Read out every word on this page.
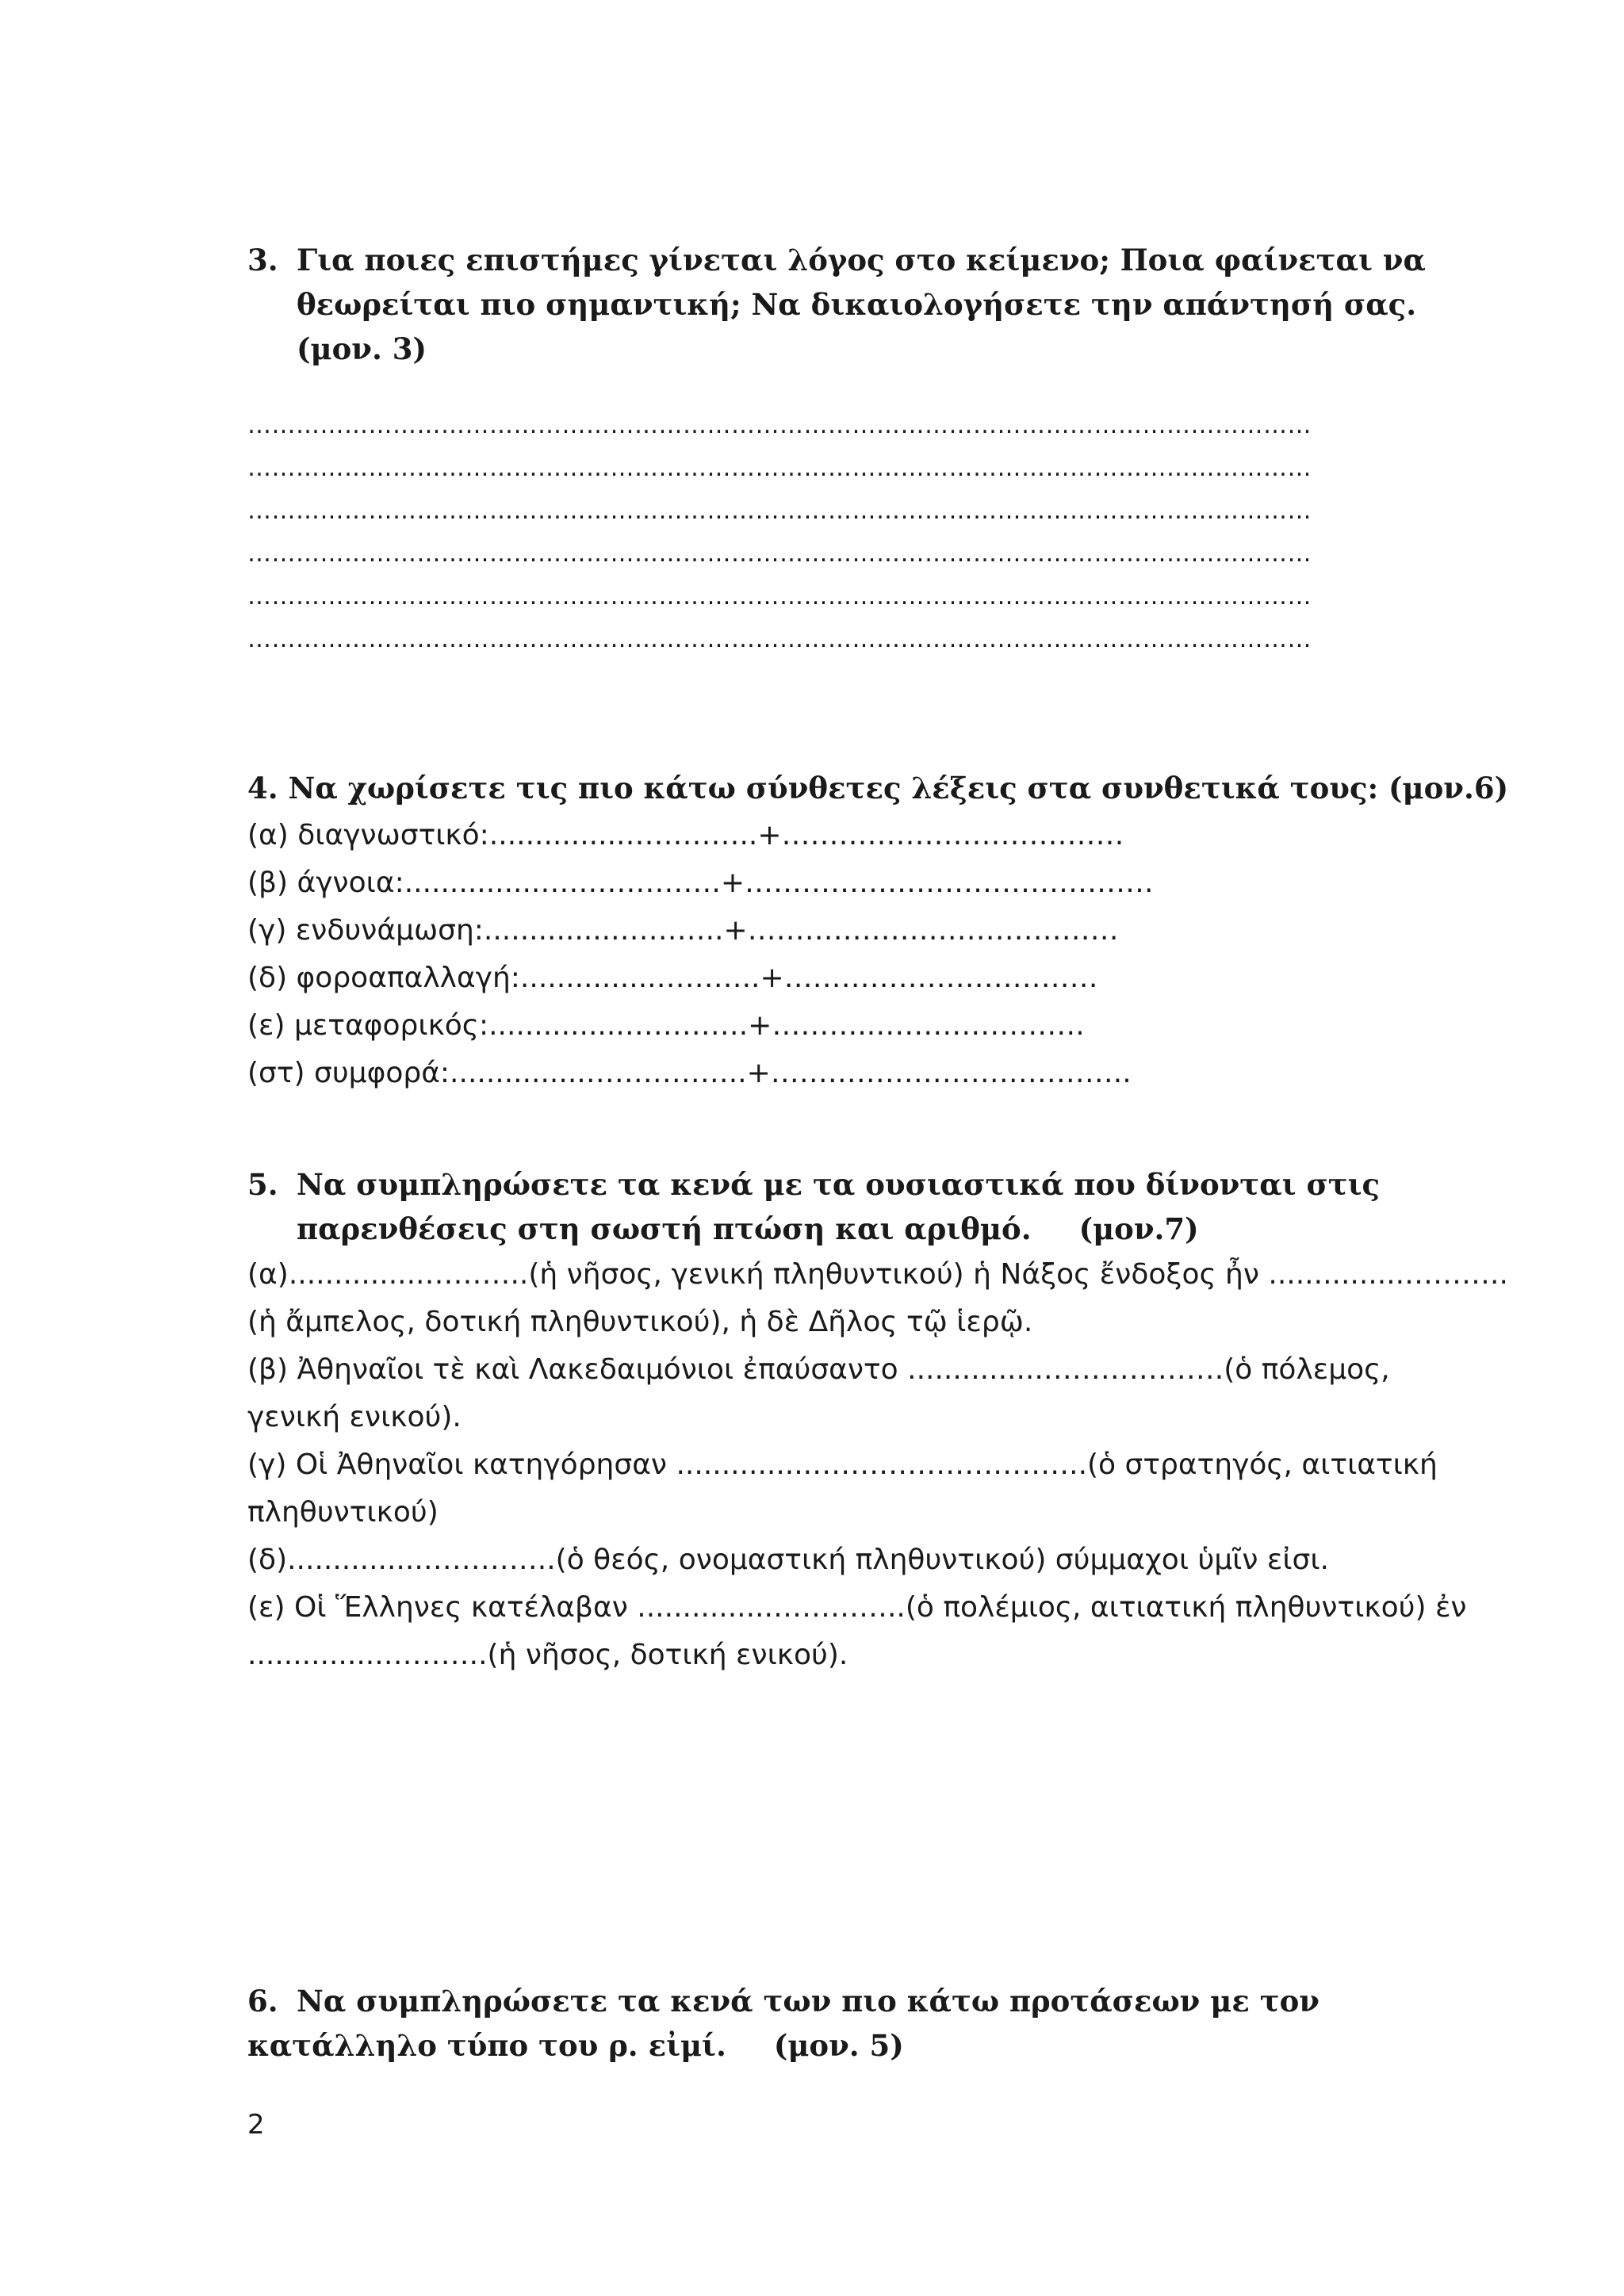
3. Για ποιες επιστήμες γίνεται λόγος στο κείμενο; Ποια φαίνεται να
θεωρείται πιο σημαντική; Να δικαιολογήσετε την απάντησή σας.
(μον. 3)

……………………………………………………………………………………………………………………
……………………………………………………………………………………………………………………
……………………………………………………………………………………………………………………
……………………………………………………………………………………………………………………
……………………………………………………………………………………………………………………
……………………………………………………………………………………………………………………

4. Να χωρίσετε τις πιο κάτω σύνθετες λέξεις στα συνθετικά τους: (μον.6)

(α) διαγνωστικό:...............…………..+………………………………

(β) άγνοια:...............……………….+…………………………………….

(γ) ενδυνάμωση:...............………..+…………………………………

(δ) φοροαπαλλαγή:...............………..+……………………………

(ε) μεταφορικός:...............………….+………..………………….

(στ) συμφορά:...............……………..+………………………………..

5. Να συμπληρώσετε τα κενά με τα ουσιαστικά που δίνονται στις
παρενθέσεις στη σωστή πτώση και αριθμό. (μον.7)

(α)...............………..(ἡ νῆσος, γενική πληθυντικού) ἡ Νάξος ἔνδοξος ἦν ...............………..

(ἡ ἄμπελος, δοτική πληθυντικού), ἡ δὲ Δῆλος τῷ ἱερῷ.

(β) Ἀθηναῖοι τὲ καὶ Λακεδαιμόνιοι ἐπαύσαντο ...............……………….(ὁ πόλεμος,

γενική ενικού).

(γ) Οἱ Ἀθηναῖοι κατηγόρησαν ...............………………………..(ὁ στρατηγός, αιτιατική

πληθυντικού)

(δ)...............…………..(ὁ θεός, ονομαστική πληθυντικού) σύμμαχοι ὑμῖν εἰσι.

(ε) Οἱ Ἕλληνες κατέλαβαν ...............…………..(ὁ πολέμιος, αιτιατική πληθυντικού) ἐν

...............………..(ἡ νῆσος, δοτική ενικού).

6. Να συμπληρώσετε τα κενά των πιο κάτω προτάσεων με τον
κατάλληλο τύπο του ρ. εἰμί. (μον. 5)

2
